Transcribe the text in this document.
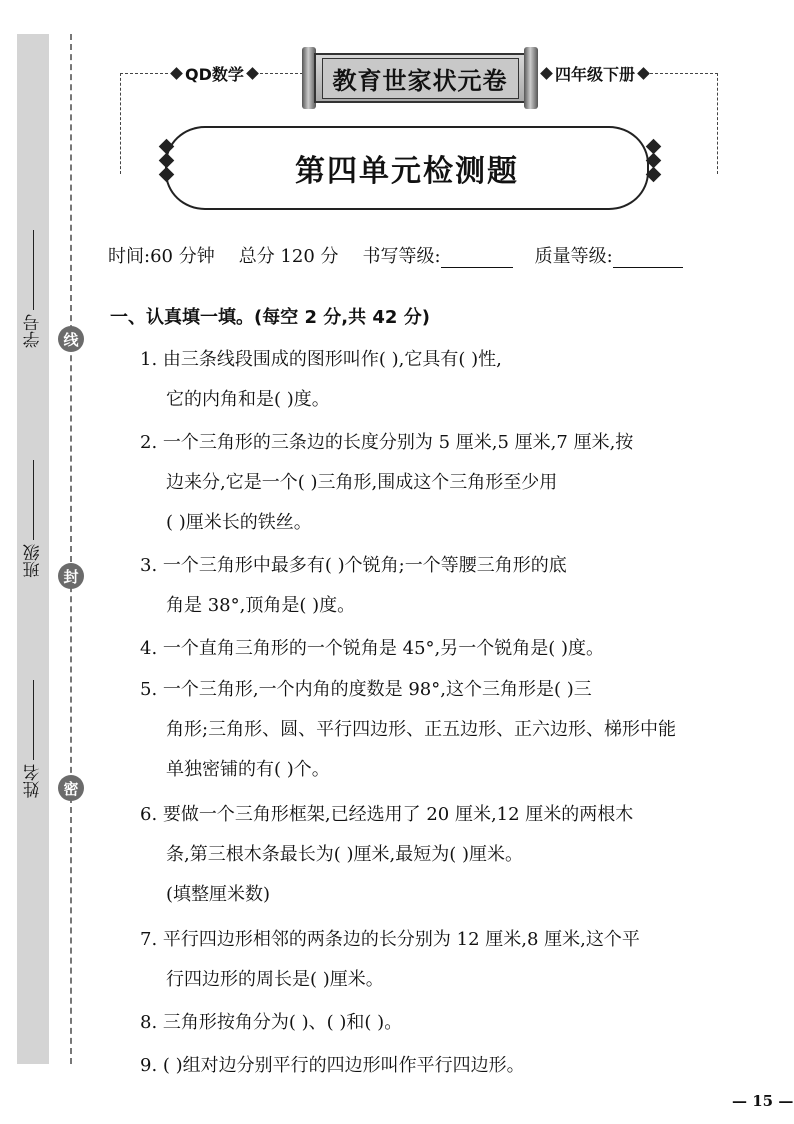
学号
班级
姓名
线
封
密
QD数学	四年级下册
教育世家状元卷
第四单元检测题
时间:60 分钟 总分 120 分 书写等级:	质量等级:
一、认真填一填。(每空 2 分,共 42 分)
1. 由三条线段围成的图形叫作( ),它具有( )性,
它的内角和是( )度。
2. 一个三角形的三条边的长度分别为 5 厘米,5 厘米,7 厘米,按
边来分,它是一个( )三角形,围成这个三角形至少用
( )厘米长的铁丝。
3. 一个三角形中最多有( )个锐角;一个等腰三角形的底
角是 38°,顶角是( )度。
4. 一个直角三角形的一个锐角是 45°,另一个锐角是( )度。
5. 一个三角形,一个内角的度数是 98°,这个三角形是( )三
角形;三角形、圆、平行四边形、正五边形、正六边形、梯形中能
单独密铺的有( )个。
6. 要做一个三角形框架,已经选用了 20 厘米,12 厘米的两根木
条,第三根木条最长为( )厘米,最短为( )厘米。
(填整厘米数)
7. 平行四边形相邻的两条边的长分别为 12 厘米,8 厘米,这个平
行四边形的周长是( )厘米。
8. 三角形按角分为( )、( )和( )。
9. ( )组对边分别平行的四边形叫作平行四边形。
— 15 —
